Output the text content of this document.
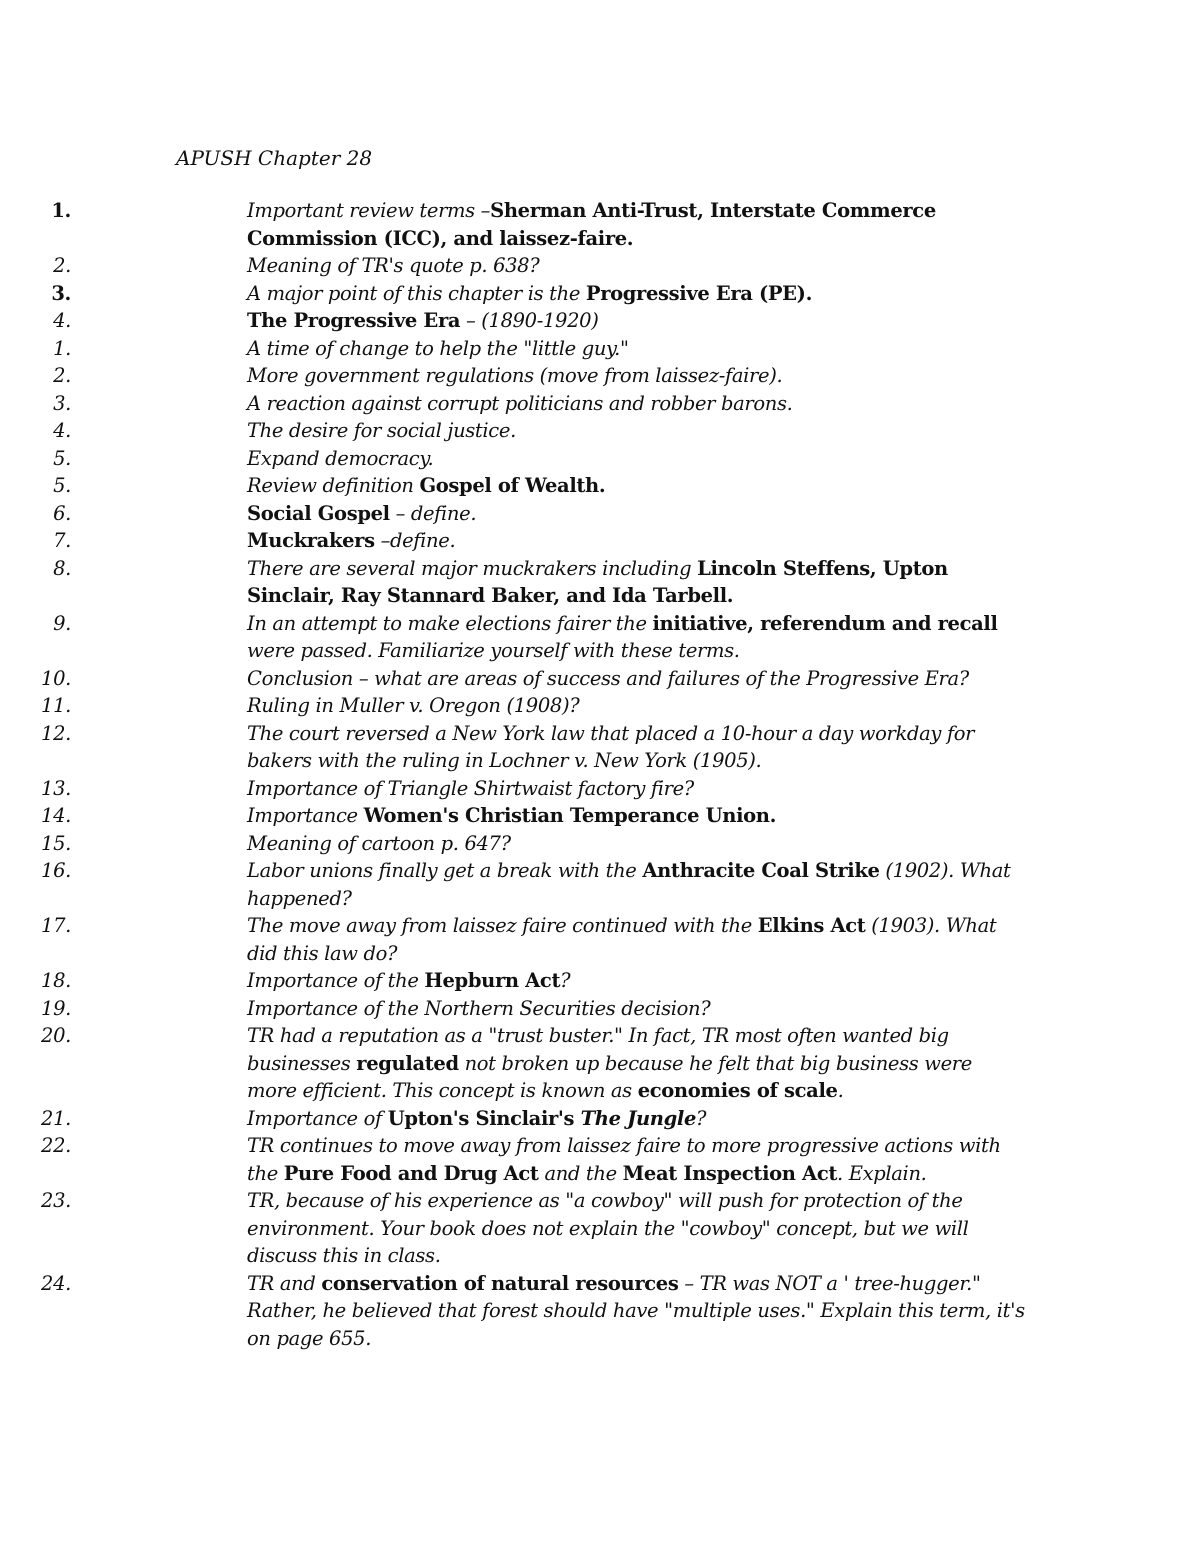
APUSH Chapter 28
1.	Important review terms –Sherman Anti-Trust, Interstate Commerce Commission (ICC), and laissez-faire.
2.	Meaning of TR's quote p. 638?
3.	A major point of this chapter is the Progressive Era (PE).
4.	The Progressive Era – (1890-1920)
1.	A time of change to help the "little guy."
2.	More government regulations (move from laissez-faire).
3.	A reaction against corrupt politicians and robber barons.
4.	The desire for social justice.
5.	Expand democracy.
5.	Review definition Gospel of Wealth.
6.	Social Gospel – define.
7.	Muckrakers –define.
8.	There are several major muckrakers including Lincoln Steffens, Upton Sinclair, Ray Stannard Baker, and Ida Tarbell.
9.	In an attempt to make elections fairer the initiative, referendum and recall were passed. Familiarize yourself with these terms.
10.	Conclusion – what are areas of success and failures of the Progressive Era?
11.	Ruling in Muller v. Oregon (1908)?
12.	The court reversed a New York law that placed a 10-hour a day workday for bakers with the ruling in Lochner v. New York (1905).
13.	Importance of Triangle Shirtwaist factory fire?
14.	Importance Women's Christian Temperance Union.
15.	Meaning of cartoon p. 647?
16.	Labor unions finally get a break with the Anthracite Coal Strike (1902). What happened?
17.	The move away from laissez faire continued with the Elkins Act (1903). What did this law do?
18.	Importance of the Hepburn Act?
19.	Importance of the Northern Securities decision?
20.	TR had a reputation as a "trust buster." In fact, TR most often wanted big businesses regulated not broken up because he felt that big business were more efficient. This concept is known as economies of scale.
21.	Importance of Upton's Sinclair's The Jungle?
22.	TR continues to move away from laissez faire to more progressive actions with the Pure Food and Drug Act and the Meat Inspection Act. Explain.
23.	TR, because of his experience as "a cowboy" will push for protection of the environment. Your book does not explain the "cowboy" concept, but we will discuss this in class.
24.	TR and conservation of natural resources – TR was NOT a ' tree-hugger." Rather, he believed that forest should have "multiple uses." Explain this term, it's on page 655.
